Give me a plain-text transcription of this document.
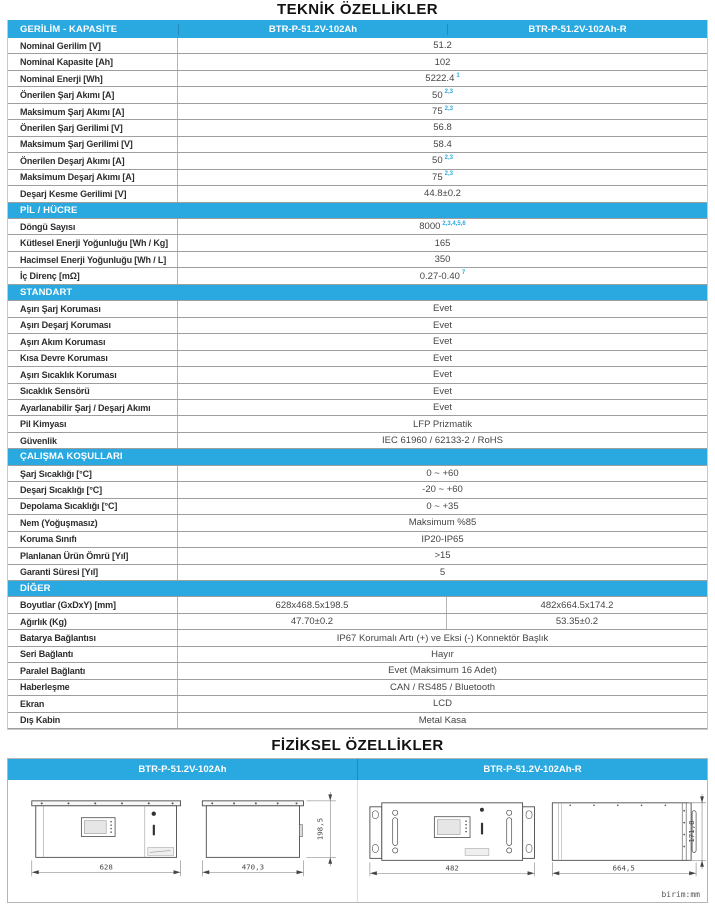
TEKNİK ÖZELLİKLER
GERİLİM - KAPASİTE	BTR-P-51.2V-102Ah	BTR-P-51.2V-102Ah-R
Nominal Gerilim [V]	51.2
Nominal Kapasite [Ah]	102
Nominal Enerji [Wh]	5222.4 $^1$
Önerilen Şarj Akımı [A]	50 $^{2,3}$
Maksimum Şarj Akımı [A]	75 $^{2,3}$
Önerilen Şarj Gerilimi [V]	56.8
Maksimum Şarj Gerilimi [V]	58.4
Önerilen Deşarj Akımı [A]	50 $^{2,3}$
Maksimum Deşarj Akımı [A]	75 $^{2,3}$
Deşarj Kesme Gerilimi [V]	44.8±0.2
PİL / HÜCRE
Döngü Sayısı	8000 $^{2,3,4,5,6}$
Kütlesel Enerji Yoğunluğu [Wh / Kg]	165
Hacimsel Enerji Yoğunluğu [Wh / L]	350
İç Direnç [mΩ]	0.27-0.40 $^7$
STANDART
Aşırı Şarj Koruması	Evet
Aşırı Deşarj Koruması	Evet
Aşırı Akım Koruması	Evet
Kısa Devre Koruması	Evet
Aşırı Sıcaklık Koruması	Evet
Sıcaklık Sensörü	Evet
Ayarlanabilir Şarj / Deşarj Akımı	Evet
Pil Kimyası	LFP Prizmatik
Güvenlik	IEC 61960 / 62133-2 / RoHS
ÇALIŞMA KOŞULLARI
Şarj Sıcaklığı [°C]	0 ~ +60
Deşarj Sıcaklığı [°C]	-20 ~ +60
Depolama Sıcaklığı [°C]	0 ~ +35
Nem (Yoğuşmasız)	Maksimum %85
Koruma Sınıfı	IP20-IP65
Planlanan Ürün Ömrü [Yıl]	>15
Garanti Süresi [Yıl]	5
DİĞER
Boyutlar (GxDxY) [mm]	628x468.5x198.5	482x664.5x174.2
Ağırlık (Kg)	47.70±0.2	53.35±0.2
Batarya Bağlantısı	IP67 Korumalı Artı (+) ve Eksi (-) Konnektör Başlık
Seri Bağlantı	Hayır
Paralel Bağlantı	Evet (Maksimum 16 Adet)
Haberleşme	CAN / RS485 / Bluetooth
Ekran	LCD
Dış Kabin	Metal Kasa
FİZİKSEL ÖZELLİKLER
BTR-P-51.2V-102Ah	BTR-P-51.2V-102Ah-R
628	470,3
198,5
482	664,5
171,8
birim:mm
